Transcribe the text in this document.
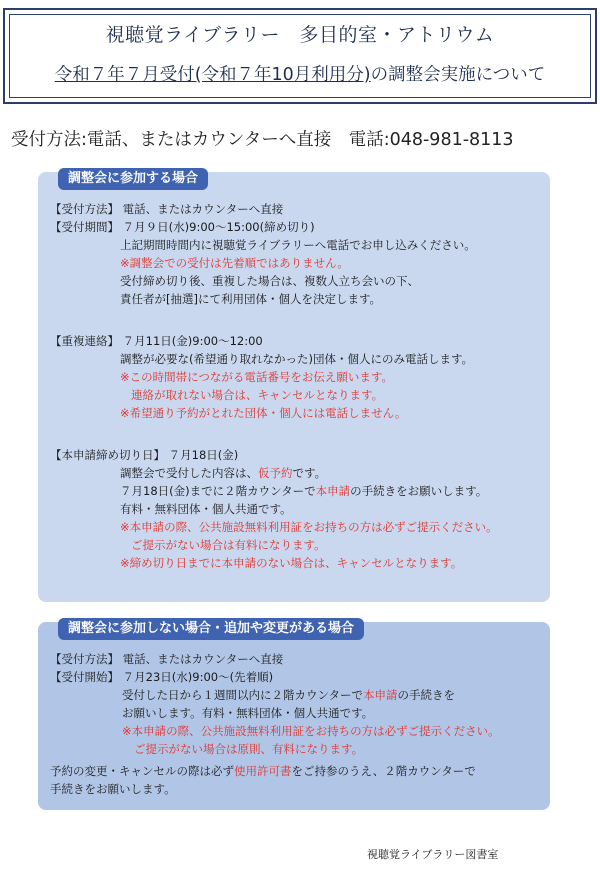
視聴覚ライブラリー　多目的室・アトリウム
令和７年７月受付(令和７年10月利用分)の調整会実施について
受付方法:電話、またはカウンターへ直接　電話:048-981-8113
調整会に参加する場合
【受付方法】 電話、またはカウンターへ直接
【受付期間】 ７月９日(水)9:00～15:00(締め切り)
上記期間時間内に視聴覚ライブラリーへ電話でお申し込みください。
※調整会での受付は先着順ではありません。
受付締め切り後、重複した場合は、複数人立ち会いの下、
責任者が[抽選]にて利用団体・個人を決定します。
【重複連絡】 ７月11日(金)9:00～12:00
調整が必要な(希望通り取れなかった)団体・個人にのみ電話します。
※この時間帯につながる電話番号をお伝え願います。
連絡が取れない場合は、キャンセルとなります。
※希望通り予約がとれた団体・個人には電話しません。
【本申請締め切り日】 ７月18日(金)
調整会で受付した内容は、仮予約です。
７月18日(金)までに２階カウンターで本申請の手続きをお願いします。
有料・無料団体・個人共通です。
※本申請の際、公共施設無料利用証をお持ちの方は必ずご提示ください。
ご提示がない場合は有料になります。
※締め切り日までに本申請のない場合は、キャンセルとなります。
調整会に参加しない場合・追加や変更がある場合
【受付方法】 電話、またはカウンターへ直接
【受付開始】 ７月23日(水)9:00～(先着順)
受付した日から１週間以内に２階カウンターで本申請の手続きを
お願いします。有料・無料団体・個人共通です。
※本申請の際、公共施設無料利用証をお持ちの方は必ずご提示ください。
ご提示がない場合は原則、有料になります。
予約の変更・キャンセルの際は必ず使用許可書をご持参のうえ、２階カウンターで
手続きをお願いします。
視聴覚ライブラリー図書室
